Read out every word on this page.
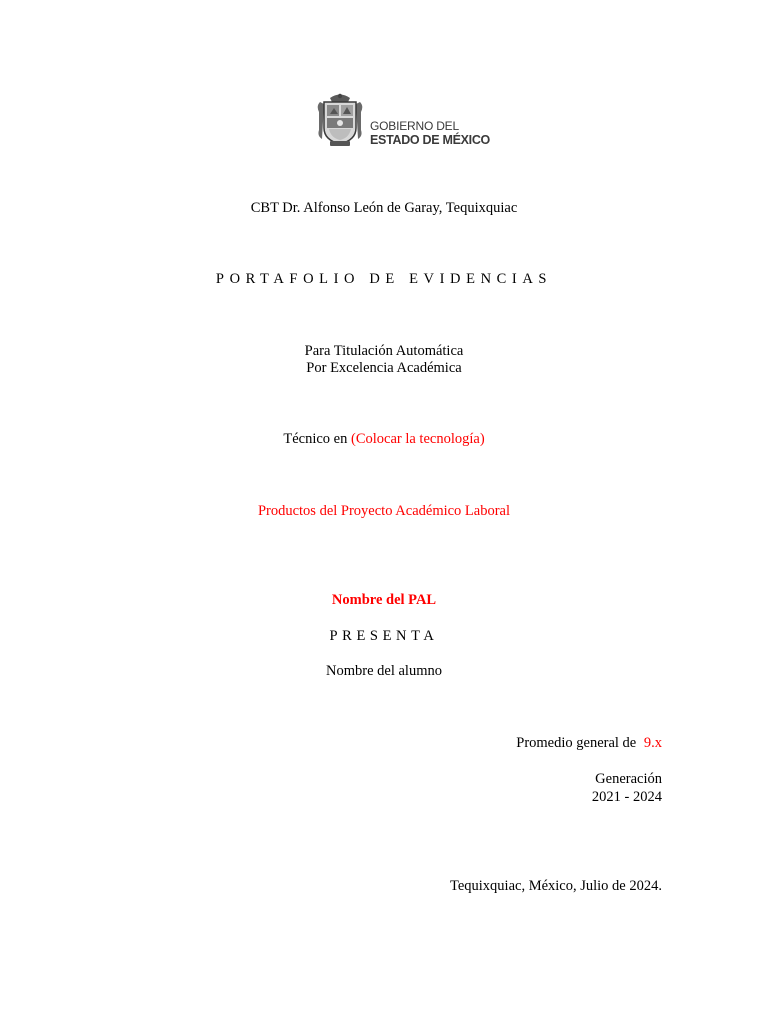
GOBIERNO DEL
ESTADO DE MÉXICO
CBT Dr. Alfonso León de Garay, Tequixquiac
PORTAFOLIO DE EVIDENCIAS
Para Titulación Automática
Por Excelencia Académica
Técnico en (Colocar la tecnología)
Productos del Proyecto Académico Laboral
Nombre del PAL
PRESENTA
Nombre del alumno
Promedio general de 9.x
Generación
2021 - 2024
Tequixquiac, México, Julio de 2024.
